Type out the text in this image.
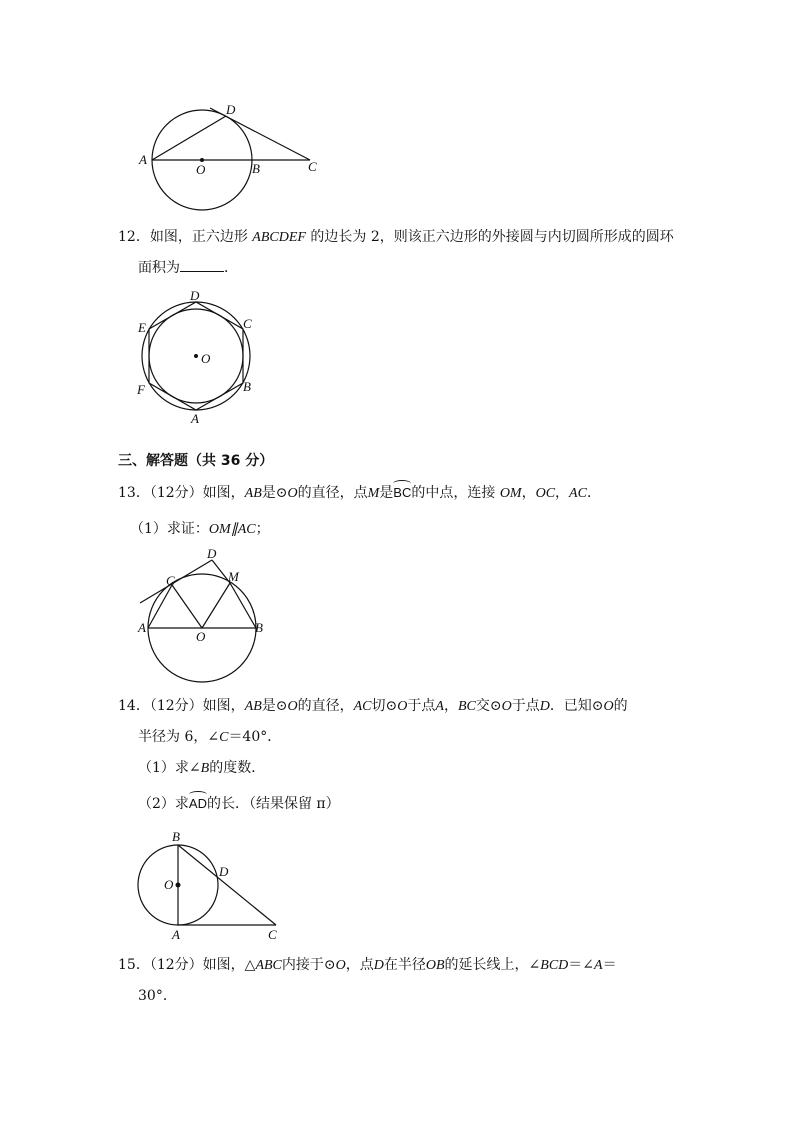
A
O	B	C
D
12．如图，正六边形 ABCDEF 的边长为 2，则该正六边形的外接圆与内切圆所形成的圆环
面积为	．
O
D
C
B
A
F
E
三、解答题（共 36 分）
13．（12分）如图，AB是⊙O的直径，点M是BC的中点，连接 OM，OC，AC．
（1）求证：OM∥AC；
D
C	M
A
O
B
14．（12分）如图，AB是⊙O的直径，AC切⊙O于点A，BC交⊙O于点D．已知⊙O的
半径为 6，∠C＝40°．
（1）求∠B的度数．
（2）求AD的长．（结果保留 π）
B
O
D
A	C
15．（12分）如图，△ABC内接于⊙O，点D在半径OB的延长线上，∠BCD＝∠A＝
30°．
